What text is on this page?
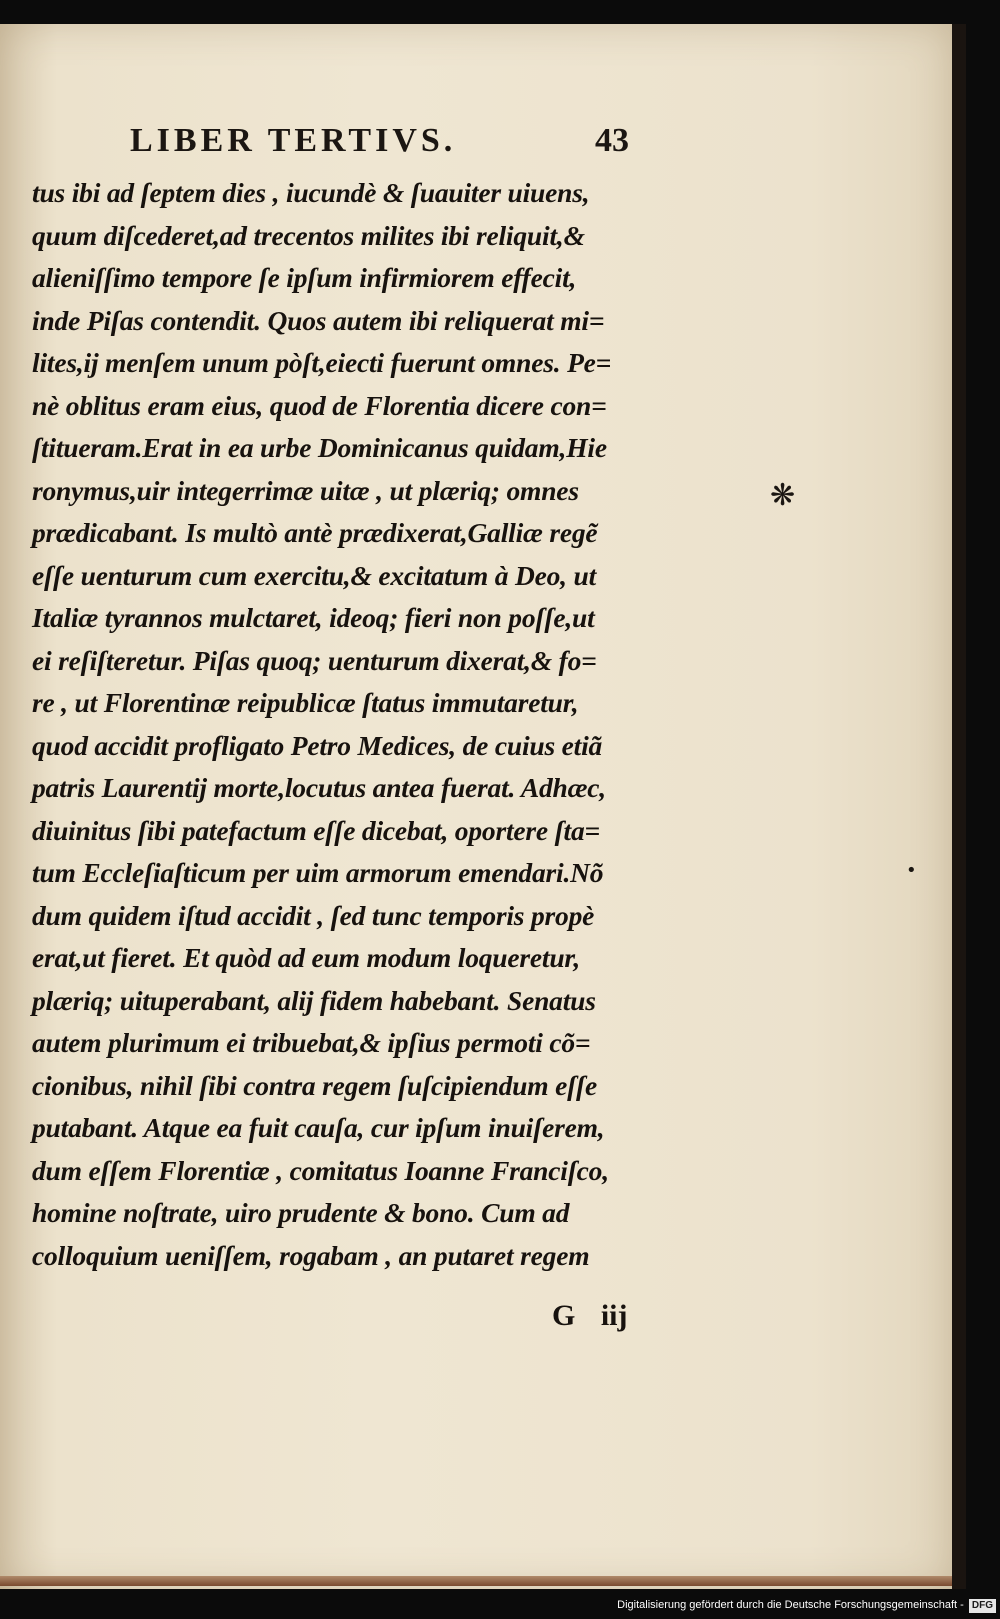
LIBER TERTIVS.	43
tus ibi ad ſeptem dies , iucundè & ſuauiter uiuens,
quum diſcederet,ad trecentos milites ibi reliquit,&
alieniſſimo tempore ſe ipſum infirmiorem effecit,
inde Piſas contendit. Quos autem ibi reliquerat mi=
lites,ij menſem unum pòſt,eiecti fuerunt omnes. Pe=
nè oblitus eram eius, quod de Florentia dicere con=
ſtitueram.Erat in ea urbe Dominicanus quidam,Hie
ronymus,uir integerrimæ uitæ , ut plæriq; omnes
prædicabant. Is multò antè prædixerat,Galliæ regẽ
eſſe uenturum cum exercitu,& excitatum à Deo, ut
Italiæ tyrannos mulctaret, ideoq; fieri non poſſe,ut
ei reſiſteretur. Piſas quoq; uenturum dixerat,& fo=
re , ut Florentinæ reipublicæ ſtatus immutaretur,
quod accidit profligato Petro Medices, de cuius etiã
patris Laurentij morte,locutus antea fuerat. Adhæc,
diuinitus ſibi patefactum eſſe dicebat, oportere ſta=
tum Eccleſiaſticum per uim armorum emendari.Nõ
dum quidem iſtud accidit , ſed tunc temporis propè
erat,ut fieret. Et quòd ad eum modum loqueretur,
plæriq; uituperabant, alij fidem habebant. Senatus
autem plurimum ei tribuebat,& ipſius permoti cõ=
cionibus, nihil ſibi contra regem ſuſcipiendum eſſe
putabant. Atque ea fuit cauſa, cur ipſum inuiſerem,
dum eſſem Florentiæ , comitatus Ioanne Franciſco,
homine noſtrate, uiro prudente & bono. Cum ad
colloquium ueniſſem, rogabam , an putaret regem
G iij
❋
•
Digitalisierung gefördert durch die Deutsche Forschungsgemeinschaft - DFG
